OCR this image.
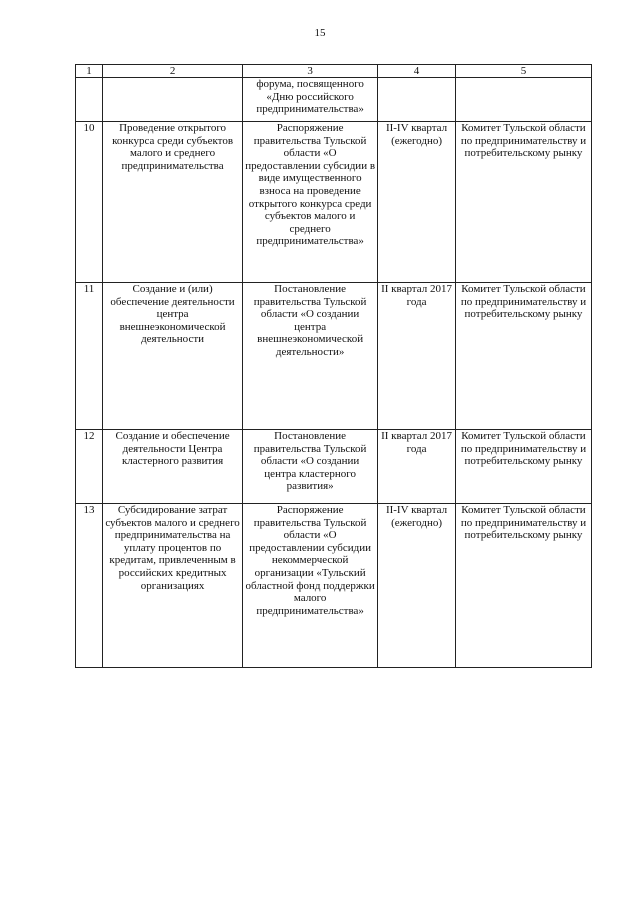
15
1	2	3	4	5
		форума, посвященного «Дню российского предпринимательства»		
10	Проведение открытого конкурса среди субъектов малого и среднего предпринимательства	Распоряжение правительства Тульской области «О предоставлении субсидии в виде имущественного взноса на проведение открытого конкурса среди субъектов малого и среднего предпринимательства»	II-IV квартал (ежегодно)	Комитет Тульской области по предпринимательству и потребительскому рынку
11	Создание и (или) обеспечение деятельности центра внешнеэкономической деятельности	Постановление правительства Тульской области «О создании центра внешнеэкономической деятельности»	II квартал 2017 года	Комитет Тульской области по предпринимательству и потребительскому рынку
12	Создание и обеспечение деятельности Центра кластерного развития	Постановление правительства Тульской области «О создании центра кластерного развития»	II квартал 2017 года	Комитет Тульской области по предпринимательству и потребительскому рынку
13	Субсидирование затрат субъектов малого и среднего предпринимательства на уплату процентов по кредитам, привлеченным в российских кредитных организациях	Распоряжение правительства Тульской области «О предоставлении субсидии некоммерческой организации «Тульский областной фонд поддержки малого предпринимательства»	II-IV квартал (ежегодно)	Комитет Тульской области по предпринимательству и потребительскому рынку
